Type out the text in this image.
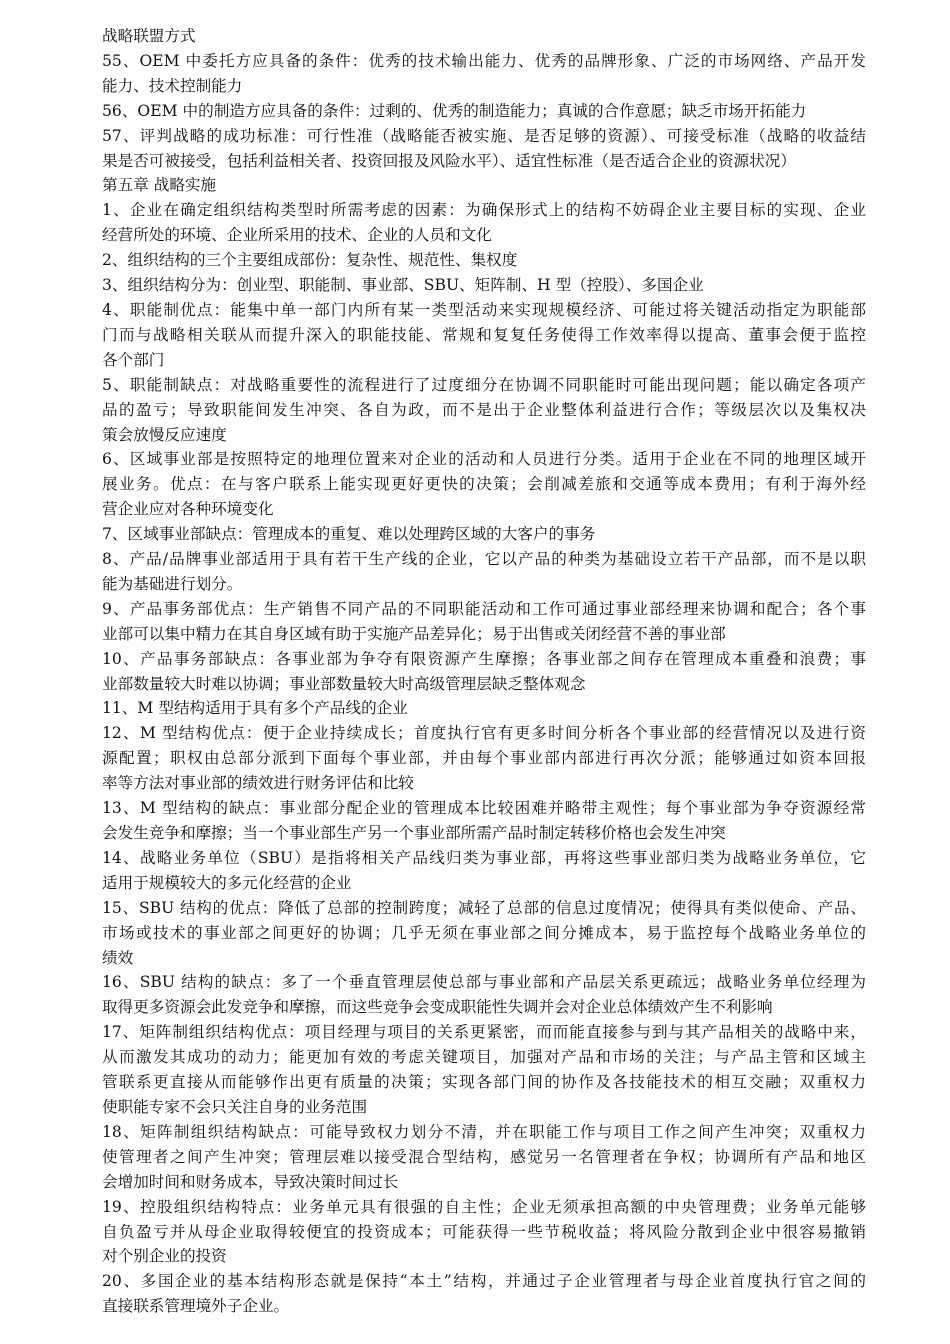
战略联盟方式

55、OEM 中委托方应具备的条件：优秀的技术输出能力、优秀的品牌形象、广泛的市场网络、产品开发

能力、技术控制能力

56、OEM 中的制造方应具备的条件：过剩的、优秀的制造能力；真诚的合作意愿；缺乏市场开拓能力

57、评判战略的成功标准：可行性准（战略能否被实施、是否足够的资源）、可接受标准（战略的收益结

果是否可被接受，包括利益相关者、投资回报及风险水平）、适宜性标准（是否适合企业的资源状况）

第五章 战略实施

1、企业在确定组织结构类型时所需考虑的因素：为确保形式上的结构不妨碍企业主要目标的实现、企业

经营所处的环境、企业所采用的技术、企业的人员和文化

2、组织结构的三个主要组成部份：复杂性、规范性、集权度

3、组织结构分为：创业型、职能制、事业部、SBU、矩阵制、H 型（控股）、多国企业

4、职能制优点：能集中单一部门内所有某一类型活动来实现规模经济、可能过将关键活动指定为职能部

门而与战略相关联从而提升深入的职能技能、常规和复复任务使得工作效率得以提高、董事会便于监控

各个部门

5、职能制缺点：对战略重要性的流程进行了过度细分在协调不同职能时可能出现问题；能以确定各项产

品的盈亏；导致职能间发生冲突、各自为政，而不是出于企业整体利益进行合作；等级层次以及集权决

策会放慢反应速度

6、区域事业部是按照特定的地理位置来对企业的活动和人员进行分类。适用于企业在不同的地理区域开

展业务。优点：在与客户联系上能实现更好更快的决策；会削减差旅和交通等成本费用；有利于海外经

营企业应对各种环境变化

7、区域事业部缺点：管理成本的重复、难以处理跨区域的大客户的事务

8、产品/品牌事业部适用于具有若干生产线的企业，它以产品的种类为基础设立若干产品部，而不是以职

能为基础进行划分。

9、产品事务部优点：生产销售不同产品的不同职能活动和工作可通过事业部经理来协调和配合；各个事

业部可以集中精力在其自身区域有助于实施产品差异化；易于出售或关闭经营不善的事业部

10、产品事务部缺点：各事业部为争夺有限资源产生摩擦；各事业部之间存在管理成本重叠和浪费；事

业部数量较大时难以协调；事业部数量较大时高级管理层缺乏整体观念

11、M 型结构适用于具有多个产品线的企业

12、M 型结构优点：便于企业持续成长；首度执行官有更多时间分析各个事业部的经营情况以及进行资

源配置；职权由总部分派到下面每个事业部，并由每个事业部内部进行再次分派；能够通过如资本回报

率等方法对事业部的绩效进行财务评估和比较

13、M 型结构的缺点：事业部分配企业的管理成本比较困难并略带主观性；每个事业部为争夺资源经常

会发生竞争和摩擦；当一个事业部生产另一个事业部所需产品时制定转移价格也会发生冲突

14、战略业务单位（SBU）是指将相关产品线归类为事业部，再将这些事业部归类为战略业务单位，它

适用于规模较大的多元化经营的企业

15、SBU 结构的优点：降低了总部的控制跨度；减轻了总部的信息过度情况；使得具有类似使命、产品、

市场或技术的事业部之间更好的协调；几乎无须在事业部之间分摊成本，易于监控每个战略业务单位的

绩效

16、SBU 结构的缺点：多了一个垂直管理层使总部与事业部和产品层关系更疏远；战略业务单位经理为

取得更多资源会此发竞争和摩擦，而这些竞争会变成职能性失调并会对企业总体绩效产生不利影响

17、矩阵制组织结构优点：项目经理与项目的关系更紧密，而而能直接参与到与其产品相关的战略中来，

从而激发其成功的动力；能更加有效的考虑关键项目，加强对产品和市场的关注；与产品主管和区域主

管联系更直接从而能够作出更有质量的决策；实现各部门间的协作及各技能技术的相互交融；双重权力

使职能专家不会只关注自身的业务范围

18、矩阵制组织结构缺点：可能导致权力划分不清，并在职能工作与项目工作之间产生冲突；双重权力

使管理者之间产生冲突；管理层难以接受混合型结构，感觉另一名管理者在争权；协调所有产品和地区

会增加时间和财务成本，导致决策时间过长

19、控股组织结构特点：业务单元具有很强的自主性；企业无须承担高额的中央管理费；业务单元能够

自负盈亏并从母企业取得较便宜的投资成本；可能获得一些节税收益；将风险分散到企业中很容易撤销

对个别企业的投资

20、多国企业的基本结构形态就是保持“本土”结构，并通过子企业管理者与母企业首度执行官之间的

直接联系管理境外子企业。
